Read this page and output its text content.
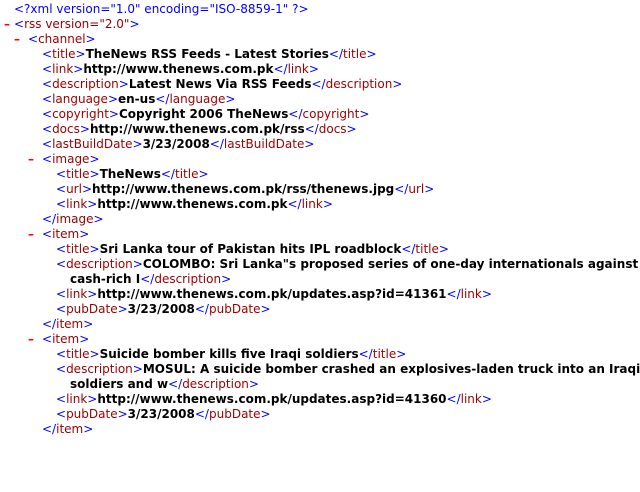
<?xml version="1.0" encoding="ISO-8859-1" ?>
– <rss version="2.0">
– <channel>
<title>TheNews RSS Feeds - Latest Stories</title>
<link>http://www.thenews.com.pk</link>
<description>Latest News Via RSS Feeds</description>
<language>en-us</language>
<copyright>Copyright 2006 TheNews</copyright>
<docs>http://www.thenews.com.pk/rss</docs>
<lastBuildDate>3/23/2008</lastBuildDate>
– <image>
<title>TheNews</title>
<url>http://www.thenews.com.pk/rss/thenews.jpg</url>
<link>http://www.thenews.com.pk</link>
</image>
– <item>
<title>Sri Lanka tour of Pakistan hits IPL roadblock</title>
<description>COLOMBO: Sri Lanka"s proposed series of one-day internationals against
cash-rich I</description>
<link>http://www.thenews.com.pk/updates.asp?id=41361</link>
<pubDate>3/23/2008</pubDate>
</item>
– <item>
<title>Suicide bomber kills five Iraqi soldiers</title>
<description>MOSUL: A suicide bomber crashed an explosives-laden truck into an Iraqi
soldiers and w</description>
<link>http://www.thenews.com.pk/updates.asp?id=41360</link>
<pubDate>3/23/2008</pubDate>
</item>
